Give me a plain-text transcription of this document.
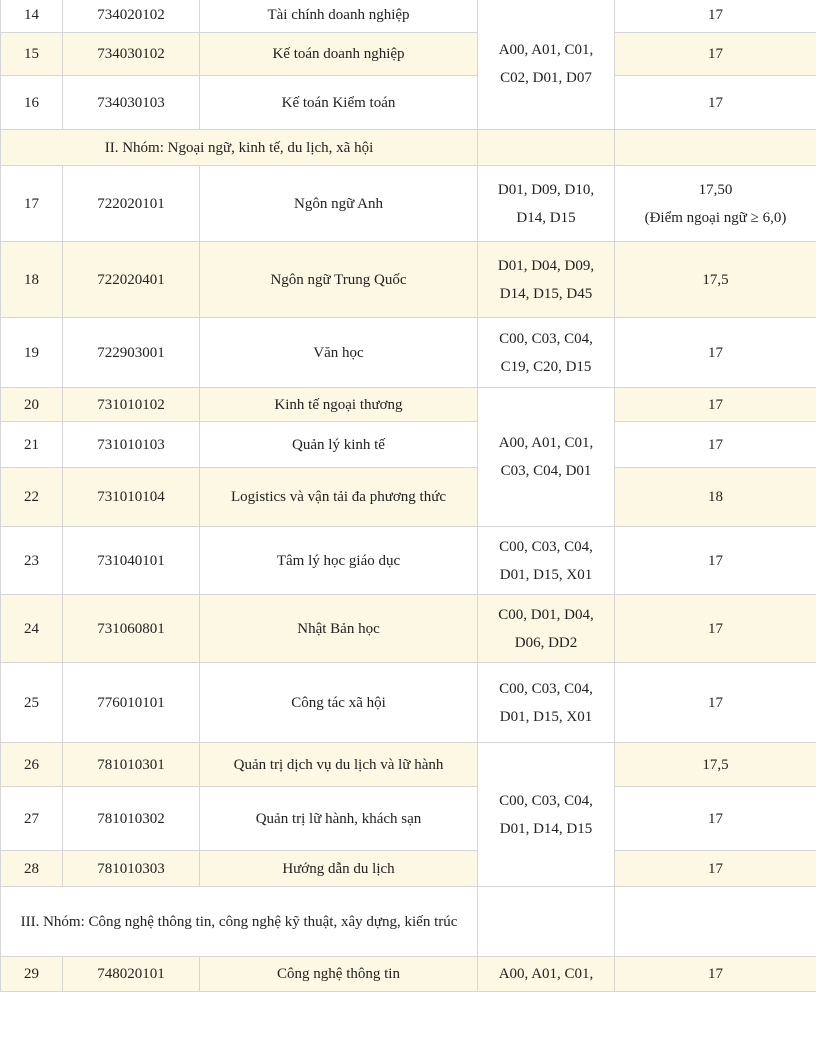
14	734020102	Tài chính doanh nghiệp	A00, A01, C01, C02, D01, D07	17
15	734030102	Kế toán doanh nghiệp		17
16	734030103	Kế toán Kiểm toán		17
II. Nhóm: Ngoại ngữ, kinh tế, du lịch, xã hội				
17	722020101	Ngôn ngữ Anh	D01, D09, D10, D14, D15	17,50
(Điểm ngoại ngữ ≥ 6,0)

18	722020401	Ngôn ngữ Trung Quốc	D01, D04, D09, D14, D15, D45	17,5
19	722903001	Văn học	C00, C03, C04, C19, C20, D15	17
20	731010102	Kinh tế ngoại thương	A00, A01, C01, C03, C04, D01	17
21	731010103	Quản lý kinh tế		17
22	731010104	Logistics và vận tải đa phương thức		18
23	731040101	Tâm lý học giáo dục	C00, C03, C04, D01, D15, X01	17
24	731060801	Nhật Bản học	C00, D01, D04, D06, DD2	17
25	776010101	Công tác xã hội	C00, C03, C04, D01, D15, X01	17
26	781010301	Quản trị dịch vụ du lịch và lữ hành	C00, C03, C04, D01, D14, D15	17,5
27	781010302	Quản trị lữ hành, khách sạn		17
28	781010303	Hướng dẫn du lịch		17
III. Nhóm: Công nghệ thông tin, công nghệ kỹ thuật, xây dựng, kiến trúc				
29	748020101	Công nghệ thông tin	A00, A01, C01,	17
